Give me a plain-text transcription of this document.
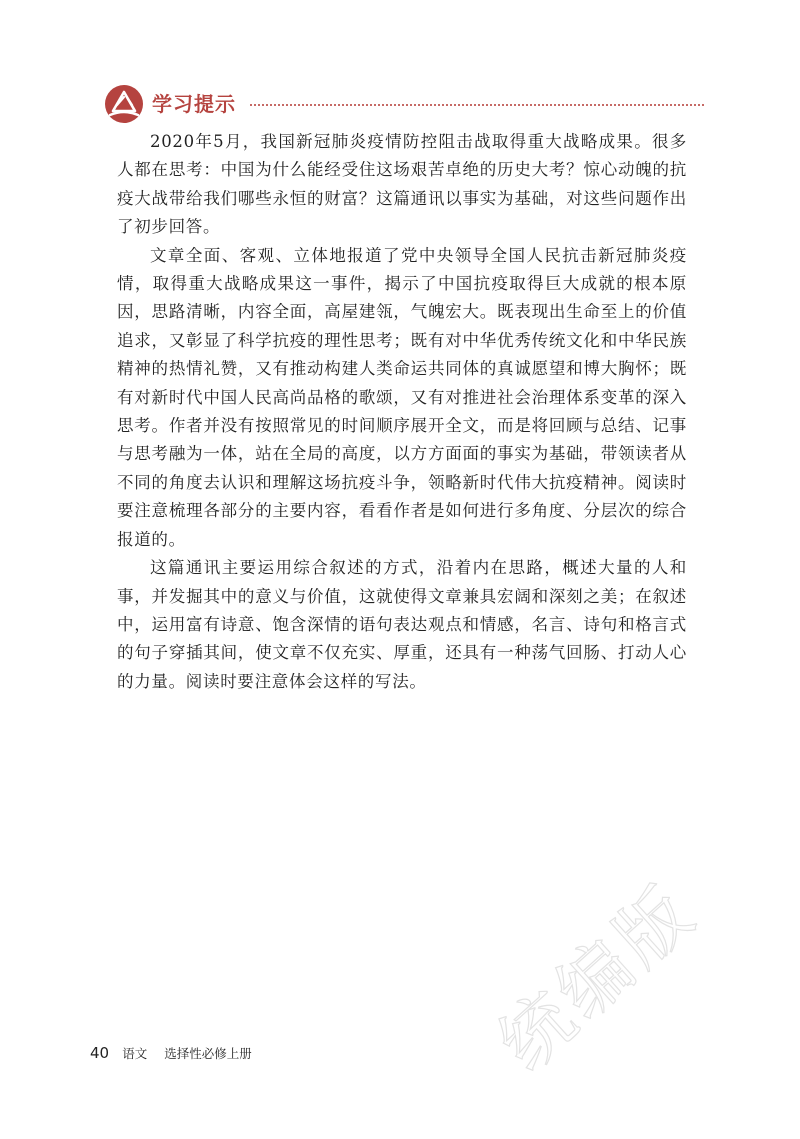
学习提示

2020年5月，我国新冠肺炎疫情防控阻击战取得重大战略成果。很多人都在思考：中国为什么能经受住这场艰苦卓绝的历史大考？惊心动魄的抗疫大战带给我们哪些永恒的财富？这篇通讯以事实为基础，对这些问题作出了初步回答。

文章全面、客观、立体地报道了党中央领导全国人民抗击新冠肺炎疫情，取得重大战略成果这一事件，揭示了中国抗疫取得巨大成就的根本原因，思路清晰，内容全面，高屋建瓴，气魄宏大。既表现出生命至上的价值追求，又彰显了科学抗疫的理性思考；既有对中华优秀传统文化和中华民族精神的热情礼赞，又有推动构建人类命运共同体的真诚愿望和博大胸怀；既有对新时代中国人民高尚品格的歌颂，又有对推进社会治理体系变革的深入思考。作者并没有按照常见的时间顺序展开全文，而是将回顾与总结、记事与思考融为一体，站在全局的高度，以方方面面的事实为基础，带领读者从不同的角度去认识和理解这场抗疫斗争，领略新时代伟大抗疫精神。阅读时要注意梳理各部分的主要内容，看看作者是如何进行多角度、分层次的综合报道的。

这篇通讯主要运用综合叙述的方式，沿着内在思路，概述大量的人和事，并发掘其中的意义与价值，这就使得文章兼具宏阔和深刻之美；在叙述中，运用富有诗意、饱含深情的语句表达观点和情感，名言、诗句和格言式的句子穿插其间，使文章不仅充实、厚重，还具有一种荡气回肠、打动人心的力量。阅读时要注意体会这样的写法。

统编版
40 语文 选择性必修上册
